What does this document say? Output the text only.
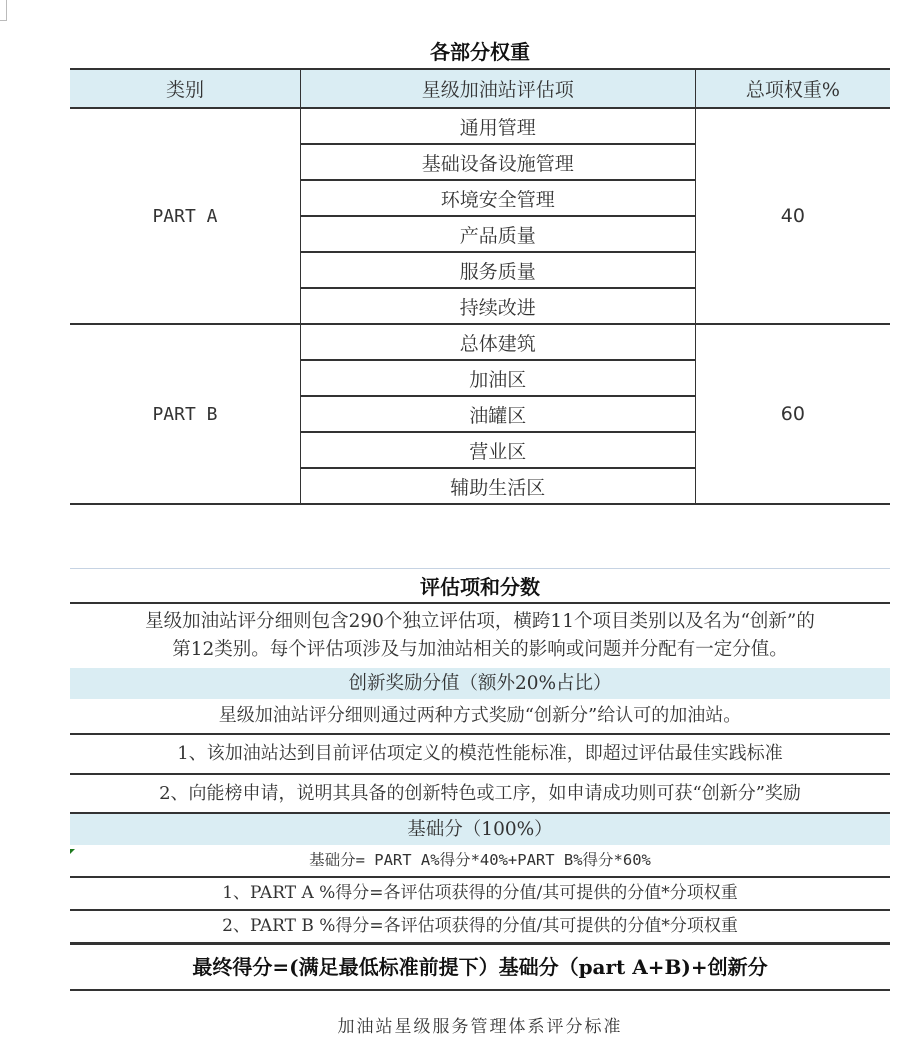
各部分权重
类别	星级加油站评估项	总项权重%
PART A	通用管理	40
	基础设备设施管理	
	环境安全管理	
	产品质量	
	服务质量	
	持续改进	
PART B	总体建筑	60
	加油区	
	油罐区	
	营业区	
	辅助生活区	
评估项和分数
星级加油站评分细则包含290个独立评估项，横跨11个项目类别以及名为“创新”的
第12类别。每个评估项涉及与加油站相关的影响或问题并分配有一定分值。
创新奖励分值（额外20%占比）
星级加油站评分细则通过两种方式奖励“创新分”给认可的加油站。
1、该加油站达到目前评估项定义的模范性能标准，即超过评估最佳实践标准
2、向能榜申请，说明其具备的创新特色或工序，如申请成功则可获“创新分”奖励
基础分（100%）
基础分= PART A%得分*40%+PART B%得分*60%
1、PART A %得分=各评估项获得的分值/其可提供的分值*分项权重
2、PART B %得分=各评估项获得的分值/其可提供的分值*分项权重
最终得分=(满足最低标准前提下）基础分（part A+B)+创新分
加油站星级服务管理体系评分标准
